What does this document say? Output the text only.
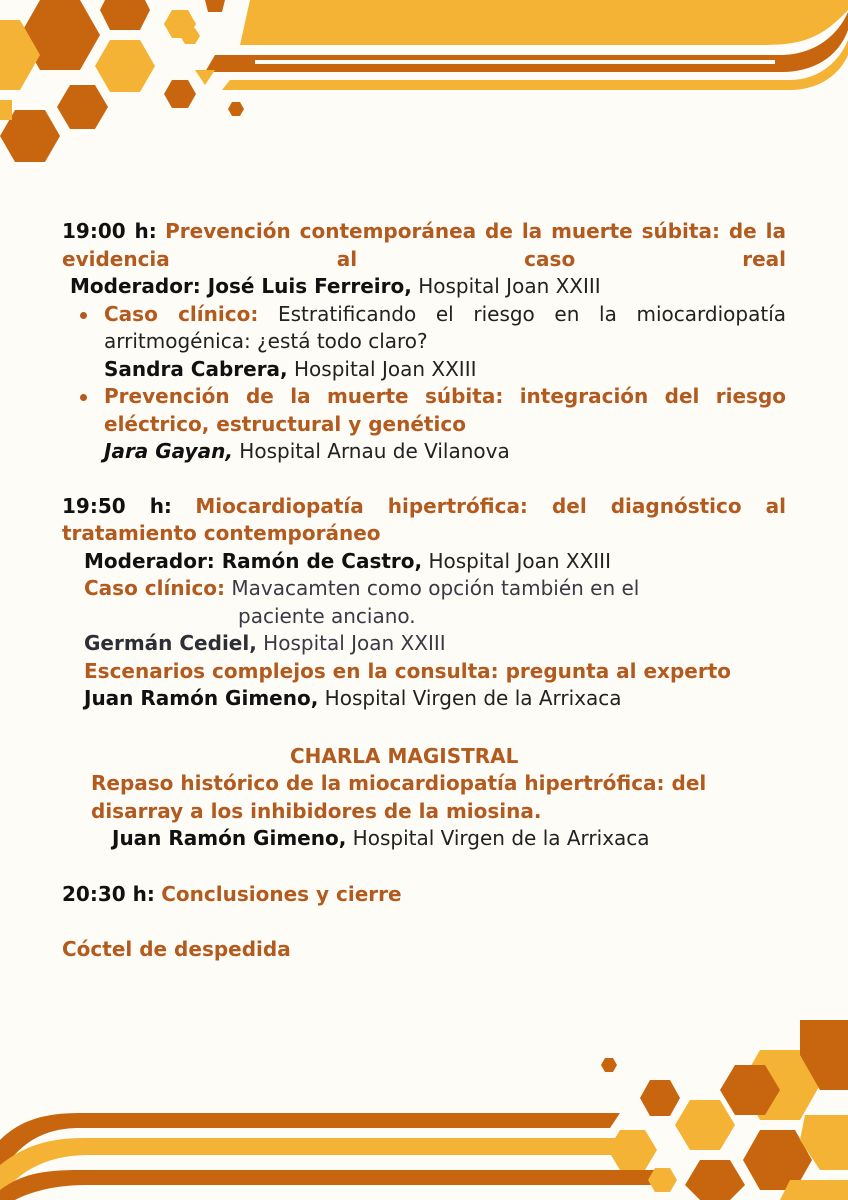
19:00 h: Prevención contemporánea de la muerte súbita: de la evidencia al caso real

Moderador: José Luis Ferreiro, Hospital Joan XXIII

Caso clínico: Estratificando el riesgo en la miocardiopatía arritmogénica: ¿está todo claro?

Sandra Cabrera, Hospital Joan XXIII

Prevención de la muerte súbita: integración del riesgo eléctrico, estructural y genético

Jara Gayan, Hospital Arnau de Vilanova

19:50 h: Miocardiopatía hipertrófica: del diagnóstico al tratamiento contemporáneo

Moderador: Ramón de Castro, Hospital Joan XXIII

Caso clínico: Mavacamten como opción también en el

paciente anciano.

Germán Cediel, Hospital Joan XXIII

Escenarios complejos en la consulta: pregunta al experto

Juan Ramón Gimeno, Hospital Virgen de la Arrixaca

CHARLA MAGISTRAL

Repaso histórico de la miocardiopatía hipertrófica: del

disarray a los inhibidores de la miosina.

Juan Ramón Gimeno, Hospital Virgen de la Arrixaca

20:30 h: Conclusiones y cierre

Cóctel de despedida
